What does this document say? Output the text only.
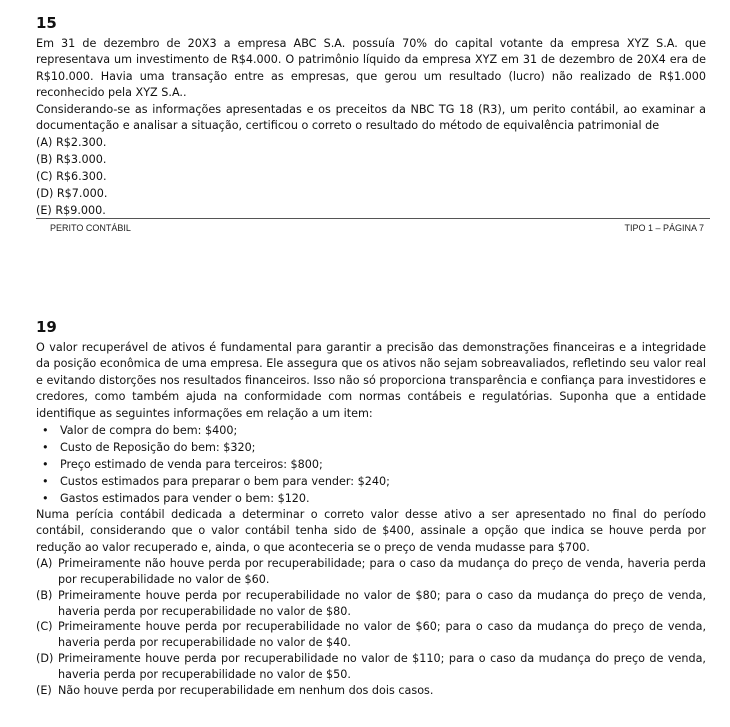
15

Em 31 de dezembro de 20X3 a empresa ABC S.A. possuía 70% do capital votante da empresa XYZ S.A. que representava um investimento de R$4.000. O patrimônio líquido da empresa XYZ em 31 de dezembro de 20X4 era de R$10.000. Havia uma transação entre as empresas, que gerou um resultado (lucro) não realizado de R$1.000 reconhecido pela XYZ S.A..

Considerando-se as informações apresentadas e os preceitos da NBC TG 18 (R3), um perito contábil, ao examinar a documentação e analisar a situação, certificou o correto o resultado do método de equivalência patrimonial de

(A) R$2.300.
(B) R$3.000.
(C) R$6.300.
(D) R$7.000.
(E) R$9.000.
PERITO CONTÁBIL	TIPO 1 – PÁGINA 7
19

O valor recuperável de ativos é fundamental para garantir a precisão das demonstrações financeiras e a integridade da posição econômica de uma empresa. Ele assegura que os ativos não sejam sobreavaliados, refletindo seu valor real e evitando distorções nos resultados financeiros. Isso não só proporciona transparência e confiança para investidores e credores, como também ajuda na conformidade com normas contábeis e regulatórias. Suponha que a entidade identifique as seguintes informações em relação a um item:

• Valor de compra do bem: $400;
• Custo de Reposição do bem: $320;
• Preço estimado de venda para terceiros: $800;
• Custos estimados para preparar o bem para vender: $240;
• Gastos estimados para vender o bem: $120.

Numa perícia contábil dedicada a determinar o correto valor desse ativo a ser apresentado no final do período contábil, considerando que o valor contábil tenha sido de $400, assinale a opção que indica se houve perda por redução ao valor recuperado e, ainda, o que aconteceria se o preço de venda mudasse para $700.

(A) Primeiramente não houve perda por recuperabilidade; para o caso da mudança do preço de venda, haveria perda por recuperabilidade no valor de $60.
(B) Primeiramente houve perda por recuperabilidade no valor de $80; para o caso da mudança do preço de venda, haveria perda por recuperabilidade no valor de $80.
(C) Primeiramente houve perda por recuperabilidade no valor de $60; para o caso da mudança do preço de venda, haveria perda por recuperabilidade no valor de $40.
(D) Primeiramente houve perda por recuperabilidade no valor de $110; para o caso da mudança do preço de venda, haveria perda por recuperabilidade no valor de $50.
(E) Não houve perda por recuperabilidade em nenhum dos dois casos.
